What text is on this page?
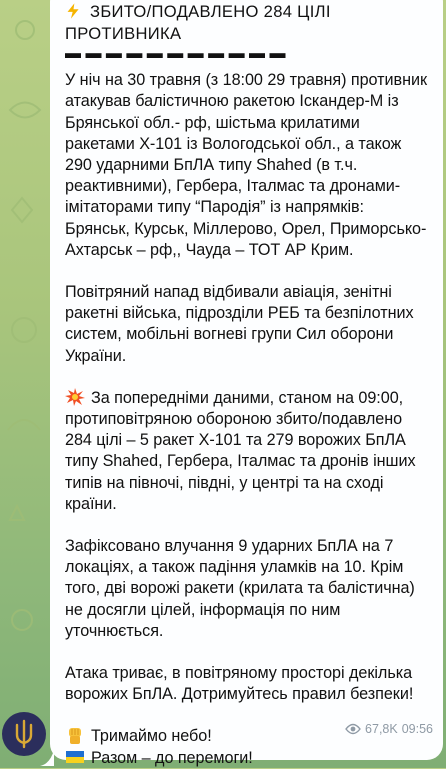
ЗБИТО/ПОДАВЛЕНО 284 ЦІЛІ ПРОТИВНИКА
▬ ▬ ▬ ▬ ▬ ▬ ▬ ▬ ▬ ▬ ▬

У ніч на 30 травня (з 18:00 29 травня) противник атакував балістичною ракетою Іскандер-М із Брянської обл.- рф, шістьма крилатими ракетами Х-101 із Вологодської обл., а також 290 ударними БпЛА типу Shahed (в т.ч. реактивними), Гербера, Італмас та дронами-імітаторами типу “Пародія” із напрямків: Брянськ, Курськ, Міллерово, Орел, Приморсько-Ахтарськ – рф,, Чауда – ТОТ АР Крим.

Повітряний напад відбивали авіація, зенітні ракетні війська, підрозділи РЕБ та безпілотних систем, мобільні вогневі групи Сил оборони України.

За попередніми даними, станом на 09:00, протиповітряною обороною збито/подавлено 284 цілі – 5 ракет Х-101 та 279 ворожих БпЛА типу Shahed, Гербера, Італмас та дронів інших типів на півночі, півдні, у центрі та на сході країни.

Зафіксовано влучання 9 ударних БпЛА на 7 локаціях, а також падіння уламків на 10. Крім того, дві ворожі ракети (крилата та балістична) не досягли цілей, інформація по ним уточнюється.

Атака триває, в повітряному просторі декілька ворожих БпЛА. Дотримуйтесь правил безпеки!

Тримаймо небо!

Разом – до перемоги!

67,8K 09:56
